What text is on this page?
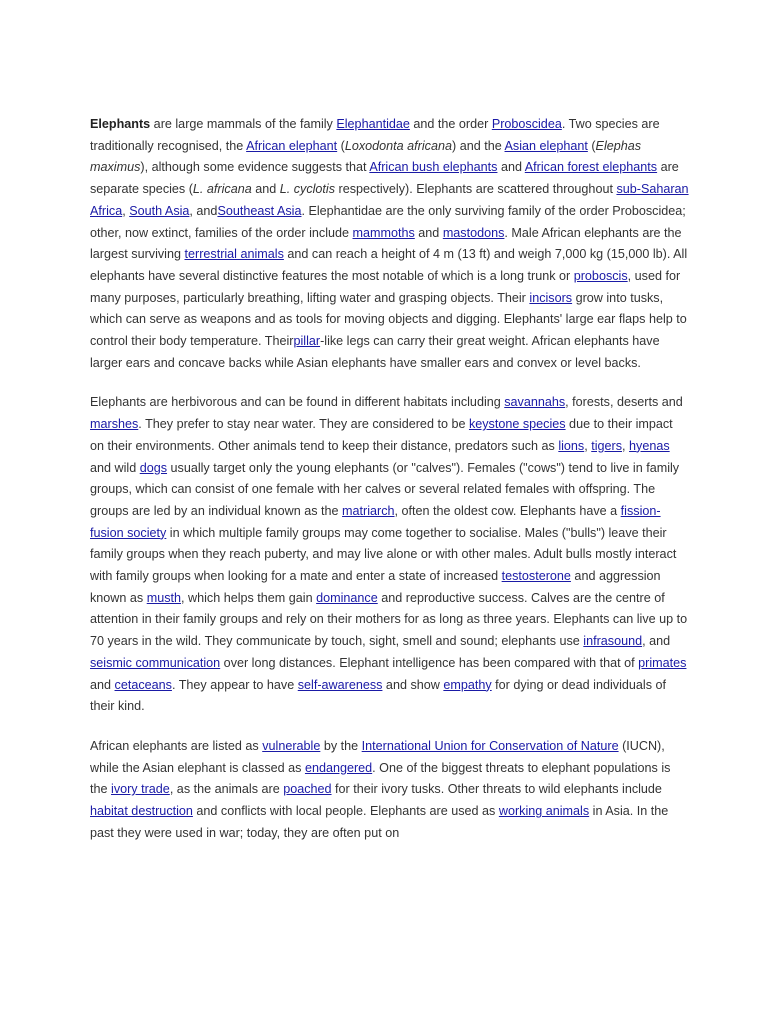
Elephants are large mammals of the family Elephantidae and the order Proboscidea. Two species are traditionally recognised, the African elephant (Loxodonta africana) and the Asian elephant (Elephas maximus), although some evidence suggests that African bush elephants and African forest elephants are separate species (L. africana and L. cyclotis respectively). Elephants are scattered throughout sub-Saharan Africa, South Asia, andSoutheast Asia. Elephantidae are the only surviving family of the order Proboscidea; other, now extinct, families of the order include mammoths and mastodons. Male African elephants are the largest surviving terrestrial animals and can reach a height of 4 m (13 ft) and weigh 7,000 kg (15,000 lb). All elephants have several distinctive features the most notable of which is a long trunk or proboscis, used for many purposes, particularly breathing, lifting water and grasping objects. Their incisors grow into tusks, which can serve as weapons and as tools for moving objects and digging. Elephants' large ear flaps help to control their body temperature. Theirpillar-like legs can carry their great weight. African elephants have larger ears and concave backs while Asian elephants have smaller ears and convex or level backs.

Elephants are herbivorous and can be found in different habitats including savannahs, forests, deserts and marshes. They prefer to stay near water. They are considered to be keystone species due to their impact on their environments. Other animals tend to keep their distance, predators such as lions, tigers, hyenas and wild dogs usually target only the young elephants (or "calves"). Females ("cows") tend to live in family groups, which can consist of one female with her calves or several related females with offspring. The groups are led by an individual known as the matriarch, often the oldest cow. Elephants have a fission-fusion society in which multiple family groups may come together to socialise. Males ("bulls") leave their family groups when they reach puberty, and may live alone or with other males. Adult bulls mostly interact with family groups when looking for a mate and enter a state of increased testosterone and aggression known as musth, which helps them gain dominance and reproductive success. Calves are the centre of attention in their family groups and rely on their mothers for as long as three years. Elephants can live up to 70 years in the wild. They communicate by touch, sight, smell and sound; elephants use infrasound, and seismic communication over long distances. Elephant intelligence has been compared with that of primates and cetaceans. They appear to have self-awareness and show empathy for dying or dead individuals of their kind.

African elephants are listed as vulnerable by the International Union for Conservation of Nature (IUCN), while the Asian elephant is classed as endangered. One of the biggest threats to elephant populations is the ivory trade, as the animals are poached for their ivory tusks. Other threats to wild elephants include habitat destruction and conflicts with local people. Elephants are used as working animals in Asia. In the past they were used in war; today, they are often put on
